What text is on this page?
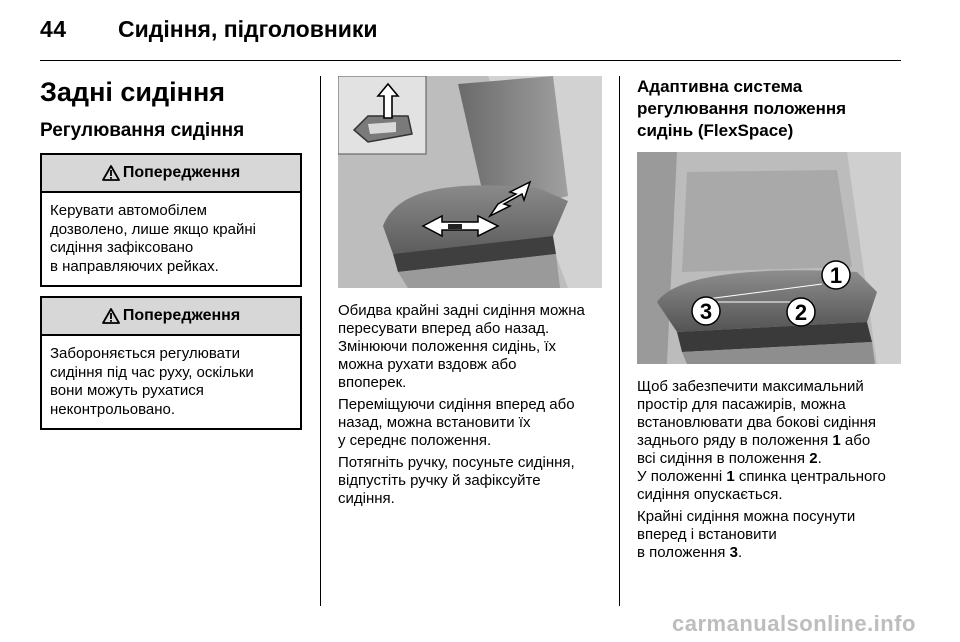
44 Сидіння, підголовники
Задні сидіння
Регулювання сидіння
Попередження
Керувати автомобілем
дозволено, лише якщо крайні
сидіння зафіксовано
в направляючих рейках.
Попередження
Забороняється регулювати
сидіння під час руху, оскільки
вони можуть рухатися
неконтрольовано.

Обидва крайні задні сидіння можна
пересувати вперед або назад.
Змінюючи положення сидінь, їх
можна рухати вздовж або
впоперек.

Переміщуючи сидіння вперед або
назад, можна встановити їх
у середнє положення.

Потягніть ручку, посуньте сидіння,
відпустіть ручку й зафіксуйте
сидіння.

Адаптивна система
регулювання положення
сидінь (FlexSpace)
1
2
3

Щоб забезпечити максимальний
простір для пасажирів, можна
встановлювати два бокові сидіння
заднього ряду в положення 1 або
всі сидіння в положення 2.
У положенні 1 спинка центрального
сидіння опускається.

Крайні сидіння можна посунути
вперед і встановити
в положення 3.

carmanualsonline.info
